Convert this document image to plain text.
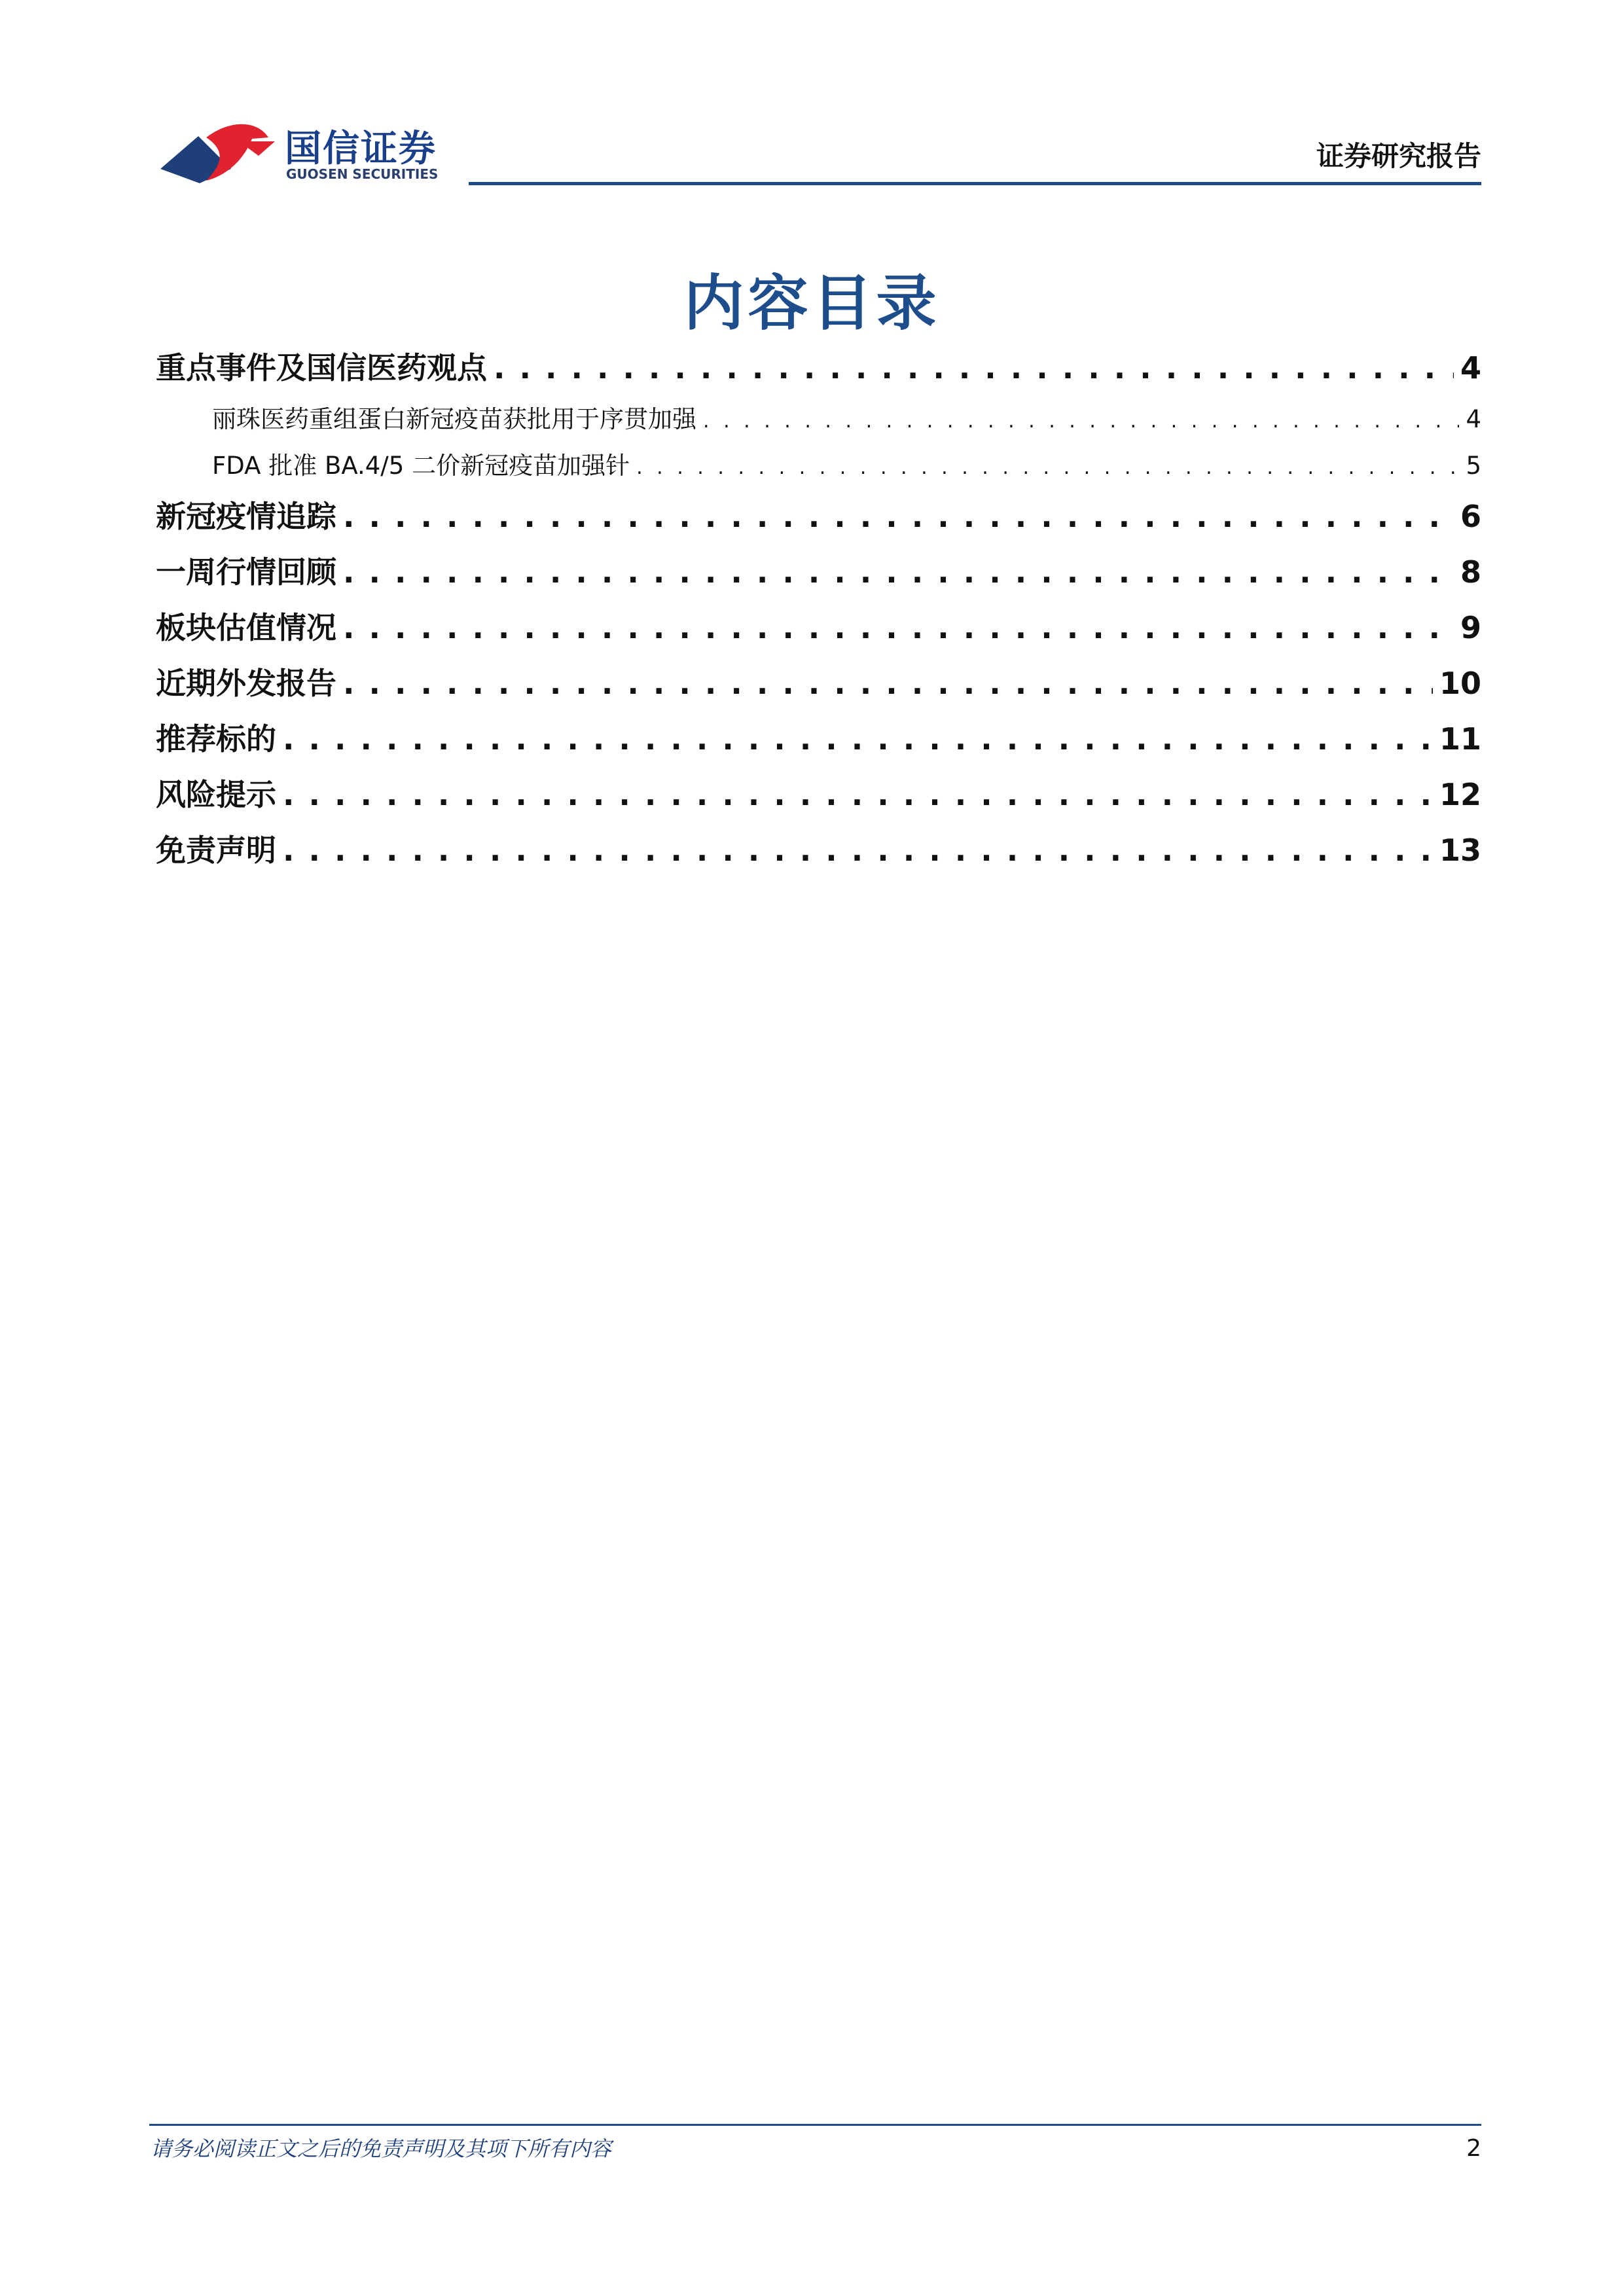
国信证券
GUOSEN SECURITIES
证券研究报告
内容目录
重点事件及国信医药观点 . . .	4
丽珠医药重组蛋白新冠疫苗获批用于序贯加强 . . .	4
FDA 批准 BA.4/5 二价新冠疫苗加强针 . . .	5
新冠疫情追踪 . . .	6
一周行情回顾 . . .	8
板块估值情况 . . .	9
近期外发报告 . . .	10
推荐标的 . . .	11
风险提示 . . .	12
免责声明 . . .	13
请务必阅读正文之后的免责声明及其项下所有内容	2
